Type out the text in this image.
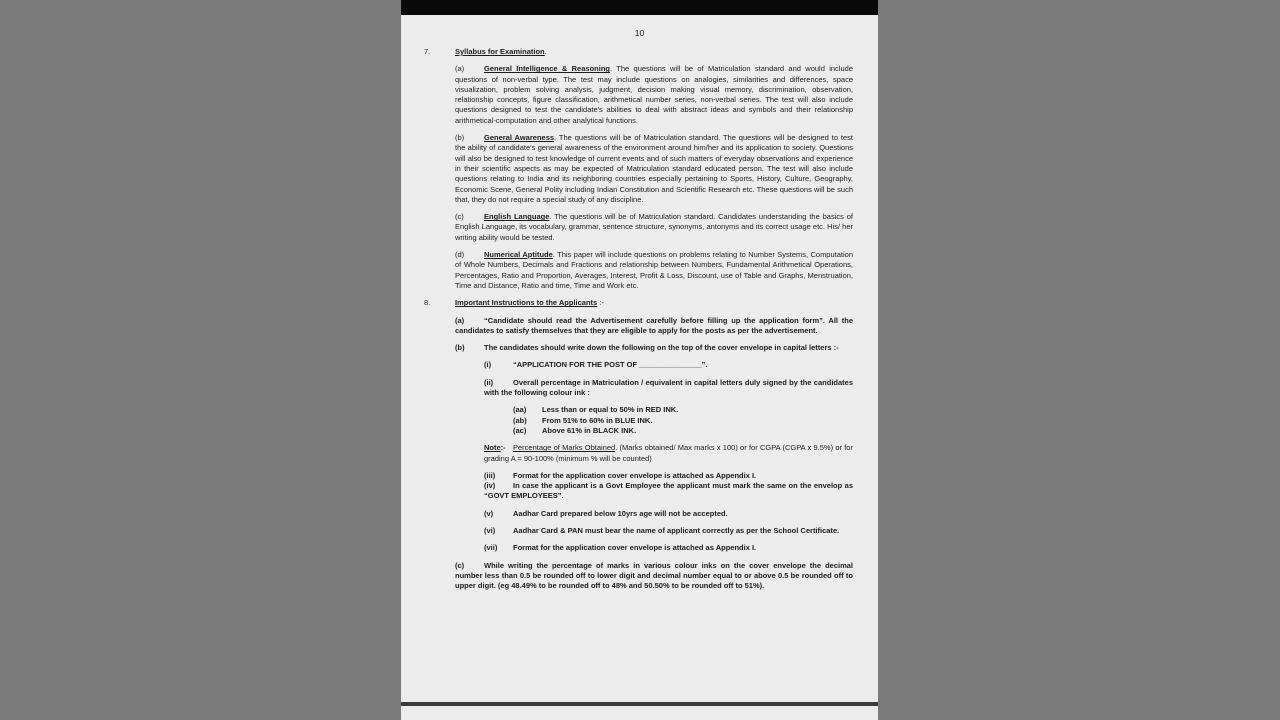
10
7.	Syllabus for Examination.
(a)	General Intelligence & Reasoning. The questions will be of Matriculation standard and would include questions of non-verbal type. The test may include questions on analogies, similarities and differences, space visualization, problem solving analysis, judgment, decision making visual memory, discrimination, observation, relationship concepts, figure classification, arithmetical number series, non-verbal series. The test will also include questions designed to test the candidate's abilities to deal with abstract ideas and symbols and their relationship arithmetical-computation and other analytical functions.
(b)	General Awareness. The questions will be of Matriculation standard. The questions will be designed to test the ability of candidate's general awareness of the environment around him/her and its application to society. Questions will also be designed to test knowledge of current events and of such matters of everyday observations and experience in their scientific aspects as may be expected of Matriculation standard educated person. The test will also include questions relating to India and its neighboring countries especially pertaining to Sports, History, Culture, Geography, Economic Scene, General Polity including Indian Constitution and Scientific Research etc. These questions will be such that, they do not require a special study of any discipline.
(c)	English Language. The questions will be of Matriculation standard. Candidates understanding the basics of English Language, its vocabulary, grammar, sentence structure, synonyms, antonyms and its correct usage etc. His/ her writing ability would be tested.
(d)	Numerical Aptitude. This paper will include questions on problems relating to Number Systems, Computation of Whole Numbers, Decimals and Fractions and relationship between Numbers, Fundamental Arithmetical Operations, Percentages, Ratio and Proportion, Averages, Interest, Profit & Loss, Discount, use of Table and Graphs, Menstruation, Time and Distance, Ratio and time, Time and Work etc.
8.	Important Instructions to the Applicants :-
(a)	“Candidate should read the Advertisement carefully before filling up the application form”. All the candidates to satisfy themselves that they are eligible to apply for the posts as per the advertisement.
(b)	The candidates should write down the following on the top of the cover envelope in capital letters :-
(i)	“APPLICATION FOR THE POST OF _______________”.
(ii)	Overall percentage in Matriculation / equivalent in capital letters duly signed by the candidates with the following colour ink :
(aa) Less than or equal to 50% in RED INK.
(ab) From 51% to 60% in BLUE INK.
(ac) Above 61% in BLACK INK.
Note:- Percentage of Marks Obtained. (Marks obtained/ Max marks x 100) or for CGPA (CGPA x 9.5%) or for grading A = 90-100% (minimum % will be counted)
(iii) Format for the application cover envelope is attached as Appendix I.
(iv) In case the applicant is a Govt Employee the applicant must mark the same on the envelop as “GOVT EMPLOYEES”.
(v)	Aadhar Card prepared below 10yrs age will not be accepted.
(vi) Aadhar Card & PAN must bear the name of applicant correctly as per the School Certificate.
(vii) Format for the application cover envelope is attached as Appendix I.
(c)	While writing the percentage of marks in various colour inks on the cover envelope the decimal number less than 0.5 be rounded off to lower digit and decimal number equal to or above 0.5 be rounded off to upper digit. (eg 48.49% to be rounded off to 48% and 50.50% to be rounded off to 51%).
